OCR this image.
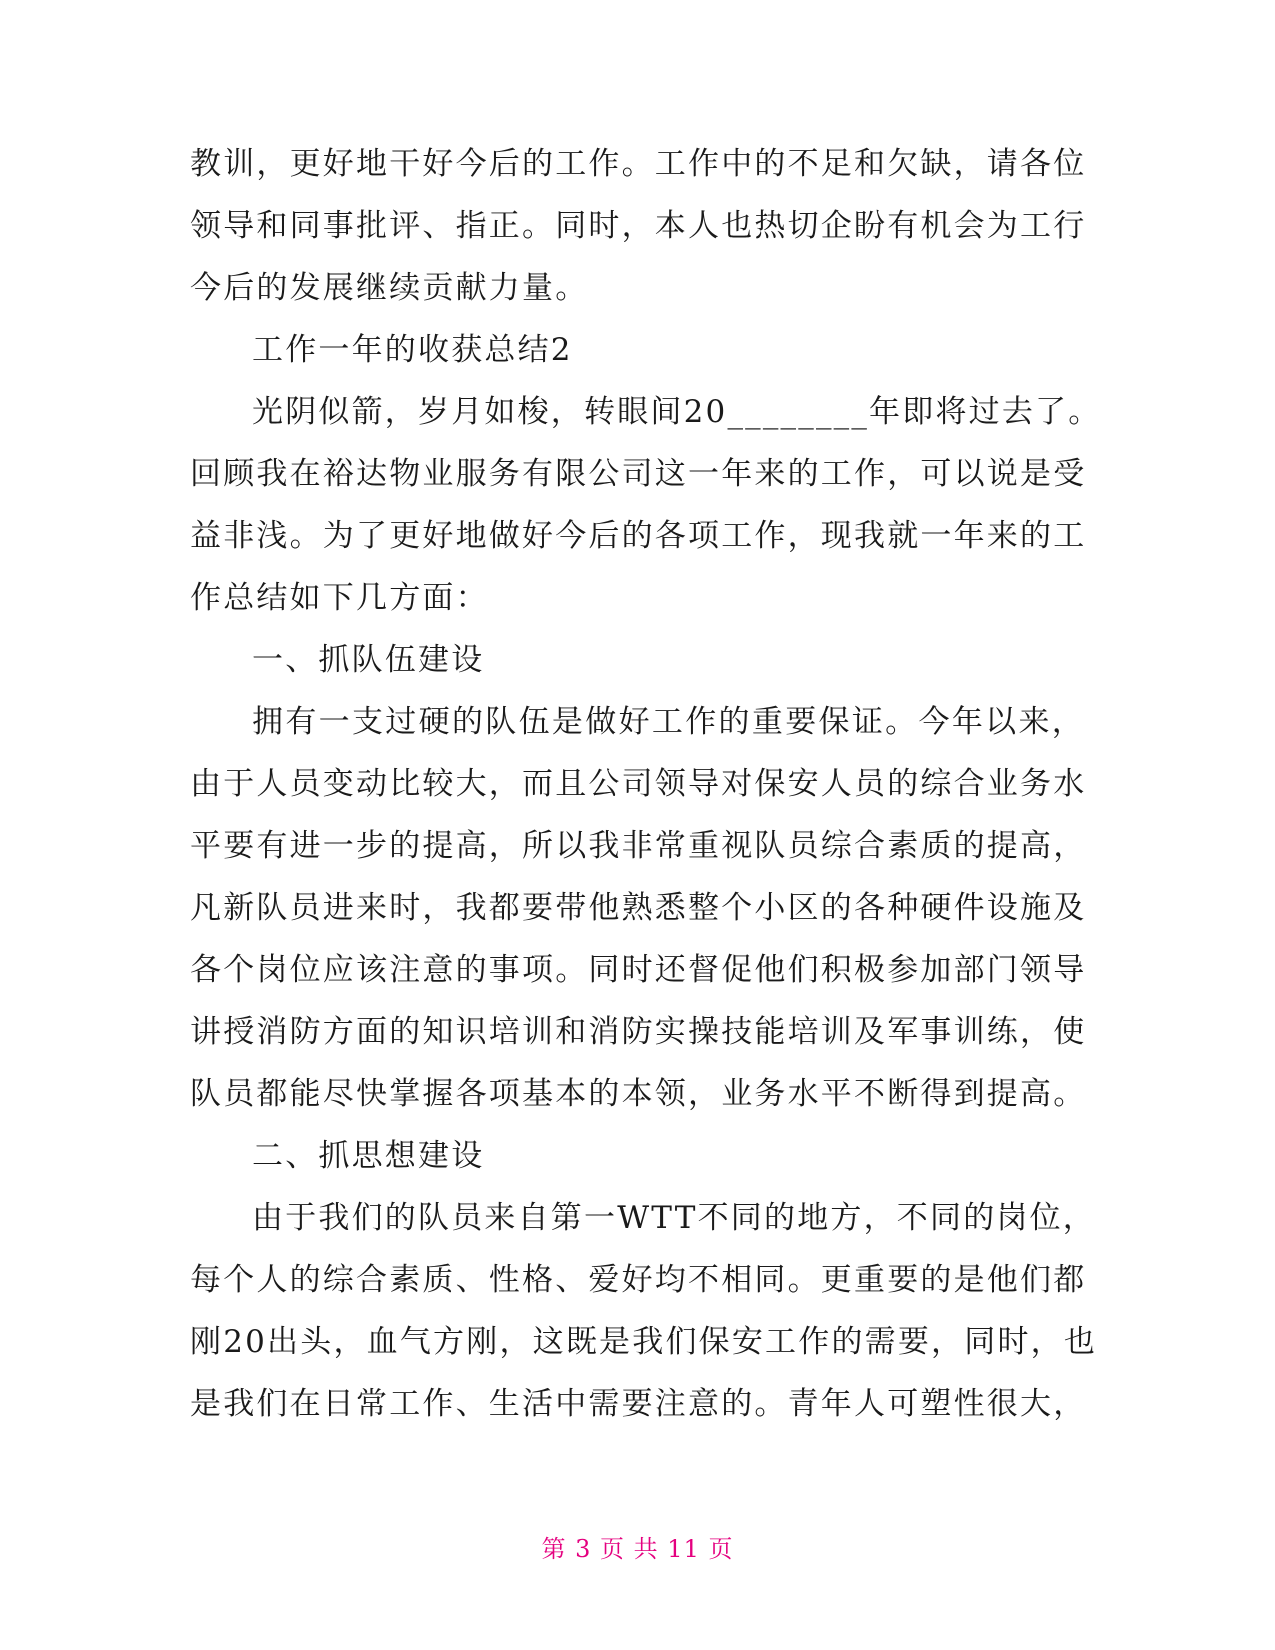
教训，更好地干好今后的工作。工作中的不足和欠缺，请各位
领导和同事批评、指正。同时，本人也热切企盼有机会为工行
今后的发展继续贡献力量。
工作一年的收获总结2
光阴似箭，岁月如梭，转眼间20________年即将过去了。
回顾我在裕达物业服务有限公司这一年来的工作，可以说是受
益非浅。为了更好地做好今后的各项工作，现我就一年来的工
作总结如下几方面：
一、抓队伍建设
拥有一支过硬的队伍是做好工作的重要保证。今年以来，
由于人员变动比较大，而且公司领导对保安人员的综合业务水
平要有进一步的提高，所以我非常重视队员综合素质的提高，
凡新队员进来时，我都要带他熟悉整个小区的各种硬件设施及
各个岗位应该注意的事项。同时还督促他们积极参加部门领导
讲授消防方面的知识培训和消防实操技能培训及军事训练，使
队员都能尽快掌握各项基本的本领，业务水平不断得到提高。
二、抓思想建设
由于我们的队员来自第一WTT不同的地方，不同的岗位，
每个人的综合素质、性格、爱好均不相同。更重要的是他们都
刚20出头，血气方刚，这既是我们保安工作的需要，同时，也
是我们在日常工作、生活中需要注意的。青年人可塑性很大，
第 3 页 共 11 页
